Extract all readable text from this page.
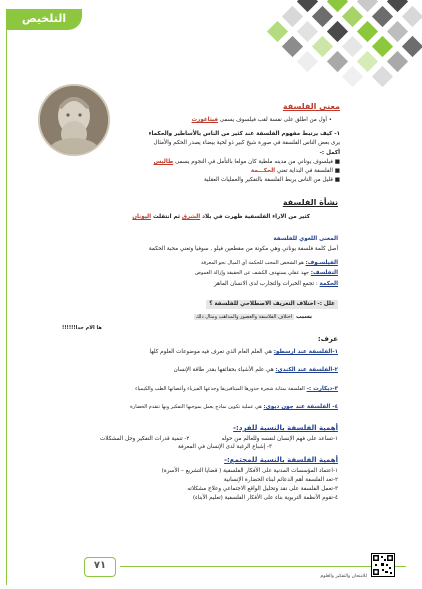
التلخيص
معنى الفلسفة
• أول من اطلق على نفسة لقب فيلسوف يسمى فيثاغورث
١- كيف يرتبط مفهوم الفلسفة عند كثير من الناس بالأساطير والحكماء
يرى بعض الناس الفلسفة في صورة شيخ كبير ذو لحية بيضاء يصدر الحكم والأمثال
أكمل :-
■ فيلسوف يوناني من مدينه ملطية كان مولعا بالتأمل في النجوم يسمى طاليس
■ الفلسفة في البداية تعني الحكـــمة
■ قليل من الناس يربط الفلسفة بالتفكير والعمليات العقلية
نشأة الفلسفة
كثير من الاراء الفلسفية ظهرت في بلاد الشرق ثم انتقلت اليونان
المعنى اللغوي للفلسفة
أصل كلمة فلسفة يوناني وهي مكونة من مقطعين فيلو , سوفيا وتعني محبة الحكمة
الفيلسـوف: هو الشخص المحب للحكمة أي الميال نحو المعرفة
التفلسف: جهد عقلي يستهدف الكشف عن الحقيقة وإزالة الغموض
الحكمة : تجمع الخبرات والتجارب لدى الانسان الماهر
علل :- اختلاف التعريف الاصطلاحي للفلسفة ؟
بسبب اختلاف الفلاسفة والعصور والمذاهب ومثال ذلك
ها الام جدا!!!!!!
عرف:
١-الفلسفة عند ارسطو: هي العلم العام الذي تعرف فيه موضوعات العلوم كلها
٢-الفلسفة عند الكندي: هي علم الأشياء بحقائقها بقدر طاقة الإنسان
٣-ديكارت :- الفلسفة بمثابة شجرة جذورها الميتافيزيقا وجذعها الفيزياء وأغصانها الطب والكيمياء
٤- الفلسفة عند جون ديوي: هي عملية تكوين نماذج يعمل بموجبها التفكير وبها تتقدم الحضارة
أهمية الفلسفة بالنسبة للفرد:-
١-تساعد على فهم الإنسان لنفسه وللعالم من حوله
٢- تنمية قدرات التفكير وحل المشكلات
٣- إشباع الرغبة لدى الإنسان في المعرفة
أهمية الفلسفة بالنسبة للمجتمع:-
١-اعتماد المؤسسات المدنية على الأفكار الفلسفية ( قضايا التشريع – الأسرة)
٢-تعد الفلسفة أهم الدعائم لبناء الحضارة الإنسانية
٣-تعمل الفلسفة على نقد وتحليل الواقع الاجتماعي وعلاج مشكلاته
٤-تقوم الأنظمة التربوية بناء على الأفكار الفلسفية (تعليم الأبناء)
٧١
للامتحان والتفكير والعلوم
